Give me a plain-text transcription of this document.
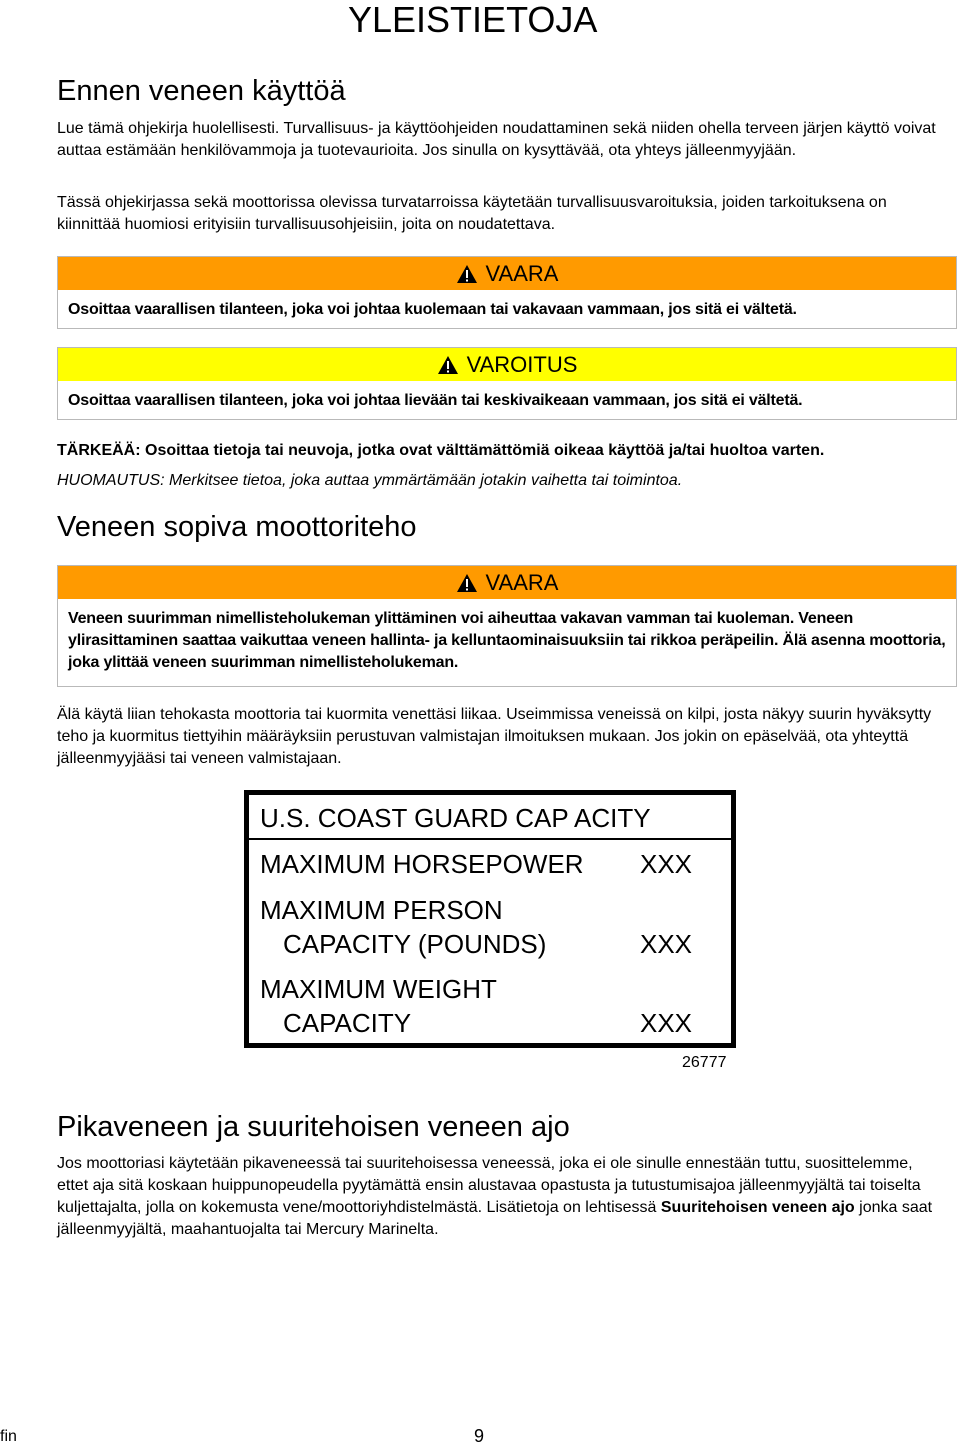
YLEISTIETOJA
Ennen veneen käyttöä

Lue tämä ohjekirja huolellisesti. Turvallisuus- ja käyttöohjeiden noudattaminen sekä niiden ohella terveen järjen käyttö voivat auttaa estämään henkilövammoja ja tuotevaurioita. Jos sinulla on kysyttävää, ota yhteys jälleenmyyjään.

Tässä ohjekirjassa sekä moottorissa olevissa turvatarroissa käytetään turvallisuusvaroituksia, joiden tarkoituksena on kiinnittää huomiosi erityisiin turvallisuusohjeisiin, joita on noudatettava.

VAARA
Osoittaa vaarallisen tilanteen, joka voi johtaa kuolemaan tai vakavaan vammaan, jos sitä ei vältetä.
VAROITUS
Osoittaa vaarallisen tilanteen, joka voi johtaa lievään tai keskivaikeaan vammaan, jos sitä ei vältetä.
TÄRKEÄÄ: Osoittaa tietoja tai neuvoja, jotka ovat välttämättömiä oikeaa käyttöä ja/tai huoltoa varten.
HUOMAUTUS: Merkitsee tietoa, joka auttaa ymmärtämään jotakin vaihetta tai toimintoa.
Veneen sopiva moottoriteho
VAARA
Veneen suurimman nimellisteholukeman ylittäminen voi aiheuttaa vakavan vamman tai kuoleman. Veneen ylirasittaminen saattaa vaikuttaa veneen hallinta- ja kelluntaominaisuuksiin tai rikkoa peräpeilin. Älä asenna moottoria, joka ylittää veneen suurimman nimellisteholukeman.

Älä käytä liian tehokasta moottoria tai kuormita venettäsi liikaa. Useimmissa veneissä on kilpi, josta näkyy suurin hyväksytty teho ja kuormitus tiettyihin määräyksiin perustuvan valmistajan ilmoituksen mukaan. Jos jokin on epäselvää, ota yhteyttä jälleenmyyjääsi tai veneen valmistajaan.

U.S. COAST GUARD CAP ACITY
MAXIMUM HORSEPOWER XXX
MAXIMUM PERSON
CAPACITY (POUNDS)	XXX
MAXIMUM WEIGHT
CAPACITY	XXX
26777
Pikaveneen ja suuritehoisen veneen ajo

Jos moottoriasi käytetään pikaveneessä tai suuritehoisessa veneessä, joka ei ole sinulle ennestään tuttu, suosittelemme, ettet aja sitä koskaan huippunopeudella pyytämättä ensin alustavaa opastusta ja tutustumisajoa jälleenmyyjältä tai toiselta kuljettajalta, jolla on kokemusta vene/moottoriyhdistelmästä. Lisätietoja on lehtisessä Suuritehoisen veneen ajo jonka saat jälleenmyyjältä, maahantuojalta tai Mercury Marinelta.

fin	9
